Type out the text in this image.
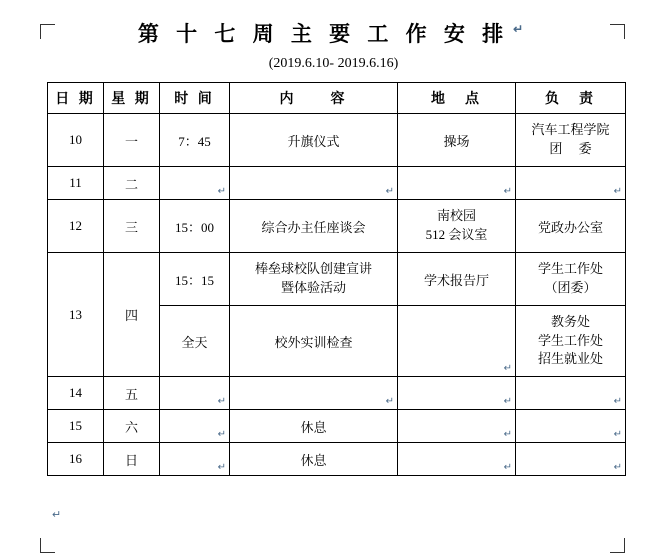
第 十 七 周 主 要 工 作 安 排 ↵
(2019.6.10- 2019.6.16)
日 期	星 期	时 间	内　　容	地　点	负　责
10	一	7：45	升旗仪式	操场	汽车工程学院
团　 委

11	二	↵	↵	↵	↵

12	三	15：00	综合办主任座谈会	南校园
512 会议室	党政办公室
13	四	15：15	棒垒球校队创建宣讲
暨体验活动	学术报告厅	学生工作处
（团委）

		全天	校外实训检查	↵	教务处
学生工作处
招生就业处

14	五	↵	↵	↵	↵

15	六	↵	休息	↵	↵

16	日	↵	休息	↵	↵
↵
